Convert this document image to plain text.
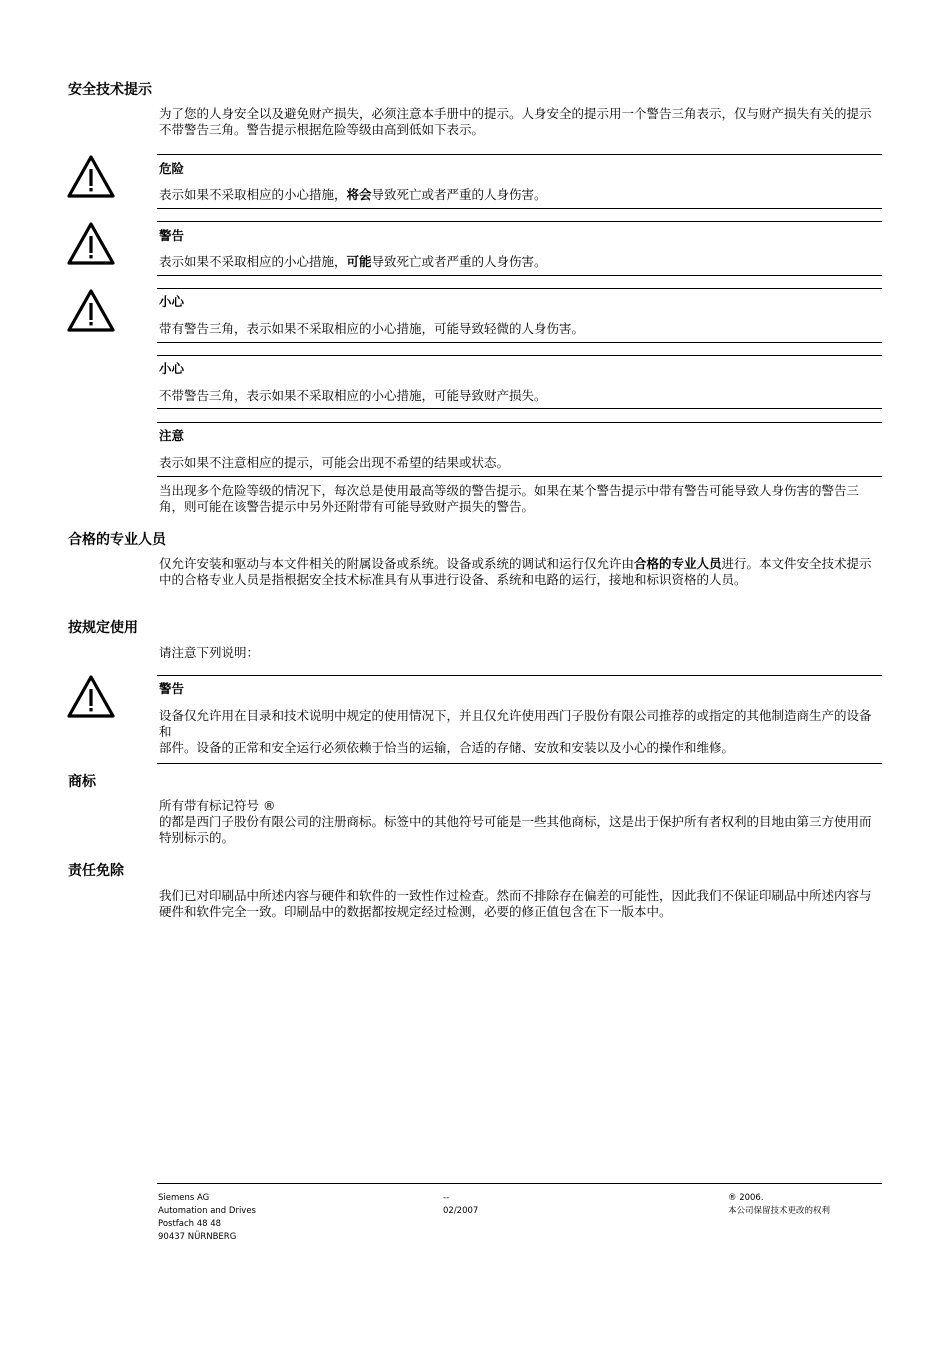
安全技术提示
为了您的人身安全以及避免财产损失，必须注意本手册中的提示。人身安全的提示用一个警告三角表示，仅与财产损失有关的提示不带警告三角。警告提示根据危险等级由高到低如下表示。
危险
表示如果不采取相应的小心措施，将会导致死亡或者严重的人身伤害。
警告
表示如果不采取相应的小心措施，可能导致死亡或者严重的人身伤害。
小心
带有警告三角，表示如果不采取相应的小心措施，可能导致轻微的人身伤害。
小心
不带警告三角，表示如果不采取相应的小心措施，可能导致财产损失。
注意
表示如果不注意相应的提示，可能会出现不希望的结果或状态。
当出现多个危险等级的情况下，每次总是使用最高等级的警告提示。如果在某个警告提示中带有警告可能导致人身伤害的警告三角，则可能在该警告提示中另外还附带有可能导致财产损失的警告。
合格的专业人员
仅允许安装和驱动与本文件相关的附属设备或系统。设备或系统的调试和运行仅允许由合格的专业人员进行。本文件安全技术提示中的合格专业人员是指根据安全技术标准具有从事进行设备、系统和电路的运行，接地和标识资格的人员。
按规定使用
请注意下列说明：
警告
设备仅允许用在目录和技术说明中规定的使用情况下，并且仅允许使用西门子股份有限公司推荐的或指定的其他制造商生产的设备和
部件。设备的正常和安全运行必须依赖于恰当的运输，合适的存储、安放和安装以及小心的操作和维修。
商标
所有带有标记符号 ®
的都是西门子股份有限公司的注册商标。标签中的其他符号可能是一些其他商标，这是出于保护所有者权利的目地由第三方使用而特别标示的。
责任免除
我们已对印刷品中所述内容与硬件和软件的一致性作过检查。然而不排除存在偏差的可能性，因此我们不保证印刷品中所述内容与硬件和软件完全一致。印刷品中的数据都按规定经过检测，必要的修正值包含在下一版本中。
Siemens AG
Automation and Drives
Postfach 48 48
90437 NÜRNBERG
--
02/2007
® 2006.
本公司保留技术更改的权利
